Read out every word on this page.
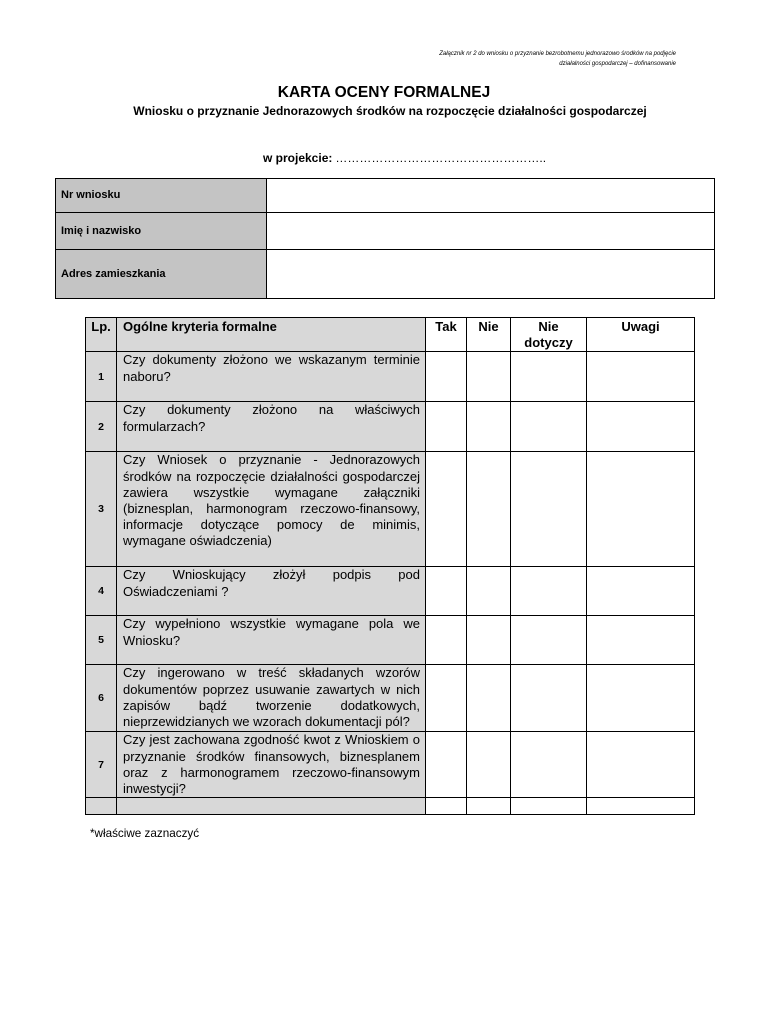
Załącznik nr 2 do wniosku o przyznanie bezrobotnemu jednorazowo środków na podjęcie
działalności gospodarczej – dofinansowanie
KARTA OCENY FORMALNEJ
Wniosku o przyznanie Jednorazowych środków na rozpoczęcie działalności gospodarczej
w projekcie: ……………………………………………..
Nr wniosku	
Imię i nazwisko	
Adres zamieszkania	
Lp.	Ogólne kryteria formalne	Tak	Nie	Nie dotyczy	Uwagi
1	Czy dokumenty złożono we wskazanym terminie naboru?				
2	Czy dokumenty złożono na właściwych formularzach?				
3	Czy Wniosek o przyznanie - Jednorazowych środków na rozpoczęcie działalności gospodarczej zawiera wszystkie wymagane załączniki (biznesplan, harmonogram rzeczowo-finansowy, informacje dotyczące pomocy de minimis, wymagane oświadczenia)				
4	Czy Wnioskujący złożył podpis pod Oświadczeniami ?				
5	Czy wypełniono wszystkie wymagane pola we Wniosku?				
6	Czy ingerowano w treść składanych wzorów dokumentów poprzez usuwanie zawartych w nich zapisów bądź tworzenie dodatkowych, nieprzewidzianych we wzorach dokumentacji pól?				
7	Czy jest zachowana zgodność kwot z Wnioskiem o przyznanie środków finansowych, biznesplanem oraz z harmonogramem rzeczowo-finansowym inwestycji?				

*właściwe zaznaczyć
